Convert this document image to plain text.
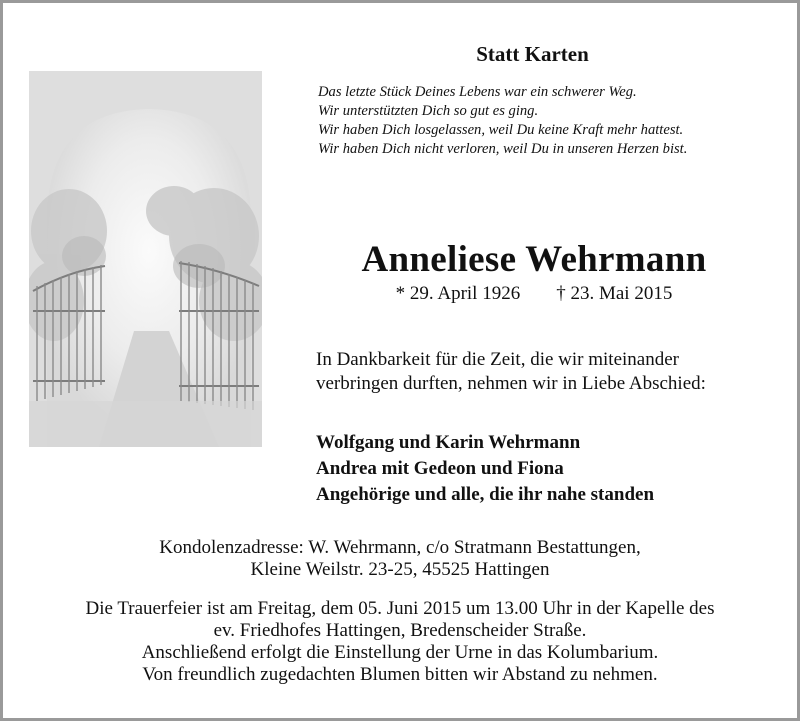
Statt Karten
Das letzte Stück Deines Lebens war ein schwerer Weg.
Wir unterstützten Dich so gut es ging.
Wir haben Dich losgelassen, weil Du keine Kraft mehr hattest.
Wir haben Dich nicht verloren, weil Du in unseren Herzen bist.
Anneliese Wehrmann
* 29. April 1926 † 23. Mai 2015
In Dankbarkeit für die Zeit, die wir miteinander
verbringen durften, nehmen wir in Liebe Abschied:
Wolfgang und Karin Wehrmann
Andrea mit Gedeon und Fiona
Angehörige und alle, die ihr nahe standen
Kondolenzadresse: W. Wehrmann, c/o Stratmann Bestattungen,
Kleine Weilstr. 23-25, 45525 Hattingen
Die Trauerfeier ist am Freitag, dem 05. Juni 2015 um 13.00 Uhr in der Kapelle des
ev. Friedhofes Hattingen, Bredenscheider Straße.
Anschließend erfolgt die Einstellung der Urne in das Kolumbarium.
Von freundlich zugedachten Blumen bitten wir Abstand zu nehmen.
